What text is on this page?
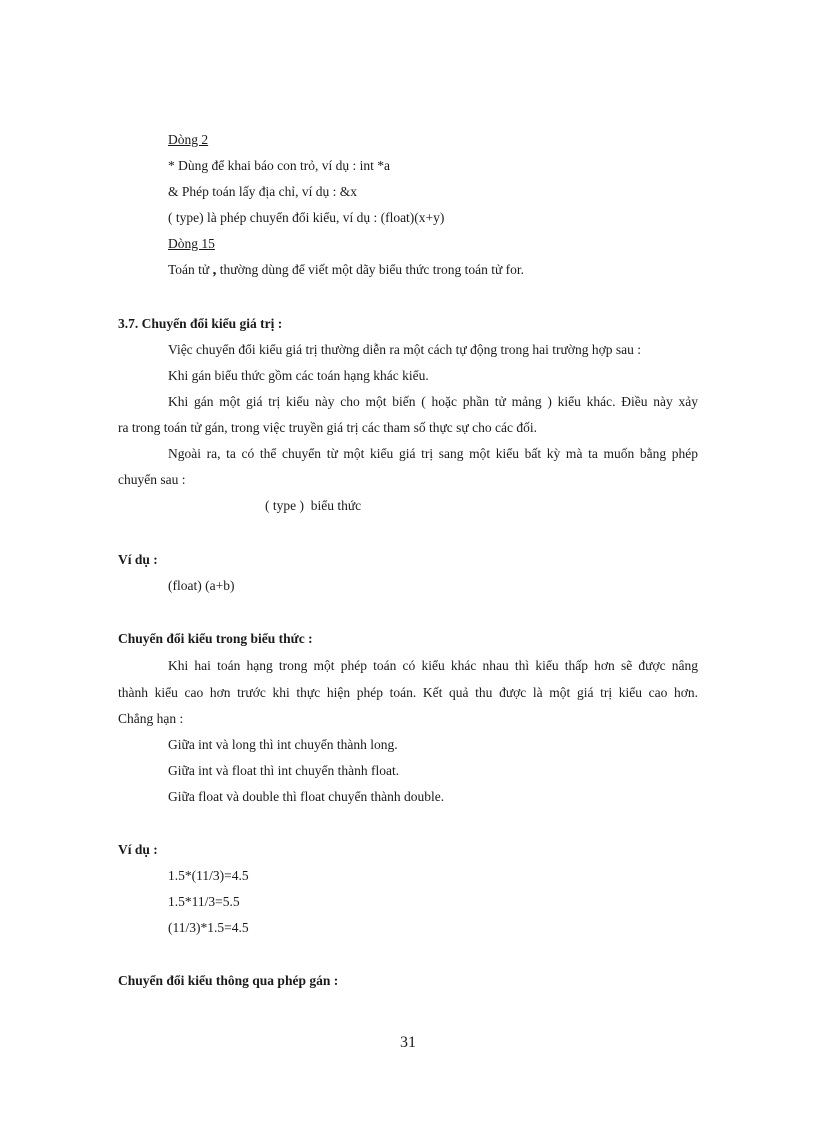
Dòng 2
* Dùng để khai báo con trỏ, ví dụ : int *a
& Phép toán lấy địa chỉ, ví dụ : &x
( type) là phép chuyển đổi kiểu, ví dụ : (float)(x+y)
Dòng 15
Toán tử , thường dùng để viết một dãy biểu thức trong toán tử for.
3.7. Chuyển đổi kiểu giá trị :
Việc chuyển đổi kiểu giá trị thường diễn ra một cách tự động trong hai trường hợp sau :
Khi gán biểu thức gồm các toán hạng khác kiểu.
Khi gán một giá trị kiểu này cho một biến ( hoặc phần tử mảng ) kiểu khác. Điều này xảy
ra trong toán tử gán, trong việc truyền giá trị các tham số thực sự cho các đối.
Ngoài ra, ta có thể chuyển từ một kiểu giá trị sang một kiểu bất kỳ mà ta muốn bằng phép
chuyển sau :
( type )  biểu thức
Ví dụ :
(float) (a+b)
Chuyển đổi kiểu trong biểu thức :
Khi hai toán hạng trong một phép toán có kiểu khác nhau thì kiểu thấp hơn sẽ được nâng
thành kiểu cao hơn trước khi thực hiện phép toán. Kết quả thu được là một giá trị kiểu cao hơn.
Chẳng hạn :
Giữa int và long thì int chuyển thành long.
Giữa int và float thì int chuyển thành float.
Giữa float và double thì float chuyển thành double.
Ví dụ :
1.5*(11/3)=4.5
1.5*11/3=5.5
(11/3)*1.5=4.5
Chuyển đổi kiểu thông qua phép gán :
31
